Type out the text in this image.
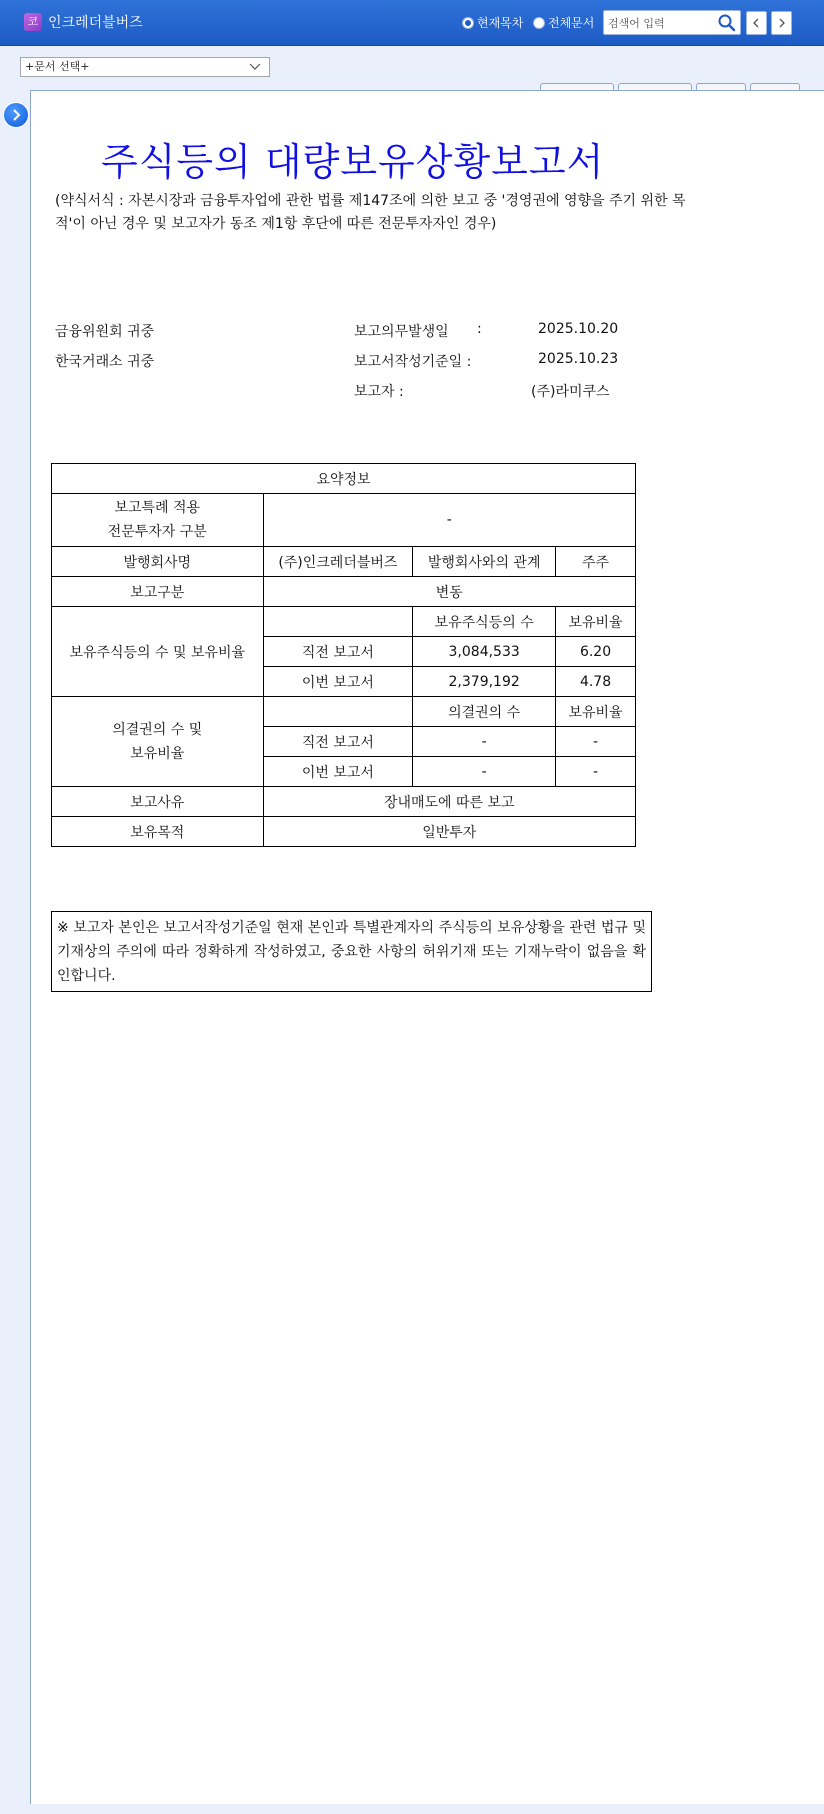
코 인크레더블버즈	현재목차 전체문서
검색어 입력
+문서 선택+
주식등의 대량보유상황보고서
(약식서식 : 자본시장과 금융투자업에 관한 법률 제147조에 의한 보고 중 '경영권에 영향을 주기 위한 목적'이 아닌 경우 및 보고자가 동조 제1항 후단에 따른 전문투자자인 경우)
금융위원회 귀중
한국거래소 귀중
보고의무발생일 :	2025.10.20
보고서작성기준일 :	2025.10.23
보고자 :	(주)라미쿠스
요약정보			
보고특례 적용
전문투자자 구분	-		
발행회사명	(주)인크레더블버즈	발행회사와의 관계	주주
보고구분	변동		
보유주식등의 수 및 보유비율		보유주식등의 수	보유비율
	직전 보고서	3,084,533	6.20
	이번 보고서	2,379,192	4.78
의결권의 수 및
보유비율		의결권의 수	보유비율
	직전 보고서	-	-
	이번 보고서	-	-
보고사유	장내매도에 따른 보고		
보유목적	일반투자		
※ 보고자 본인은 보고서작성기준일 현재 본인과 특별관계자의 주식등의 보유상황을 관련 법규 및 기재상의 주의에 따라 정확하게 작성하였고, 중요한 사항의 허위기재 또는 기재누락이 없음을 확인합니다.
